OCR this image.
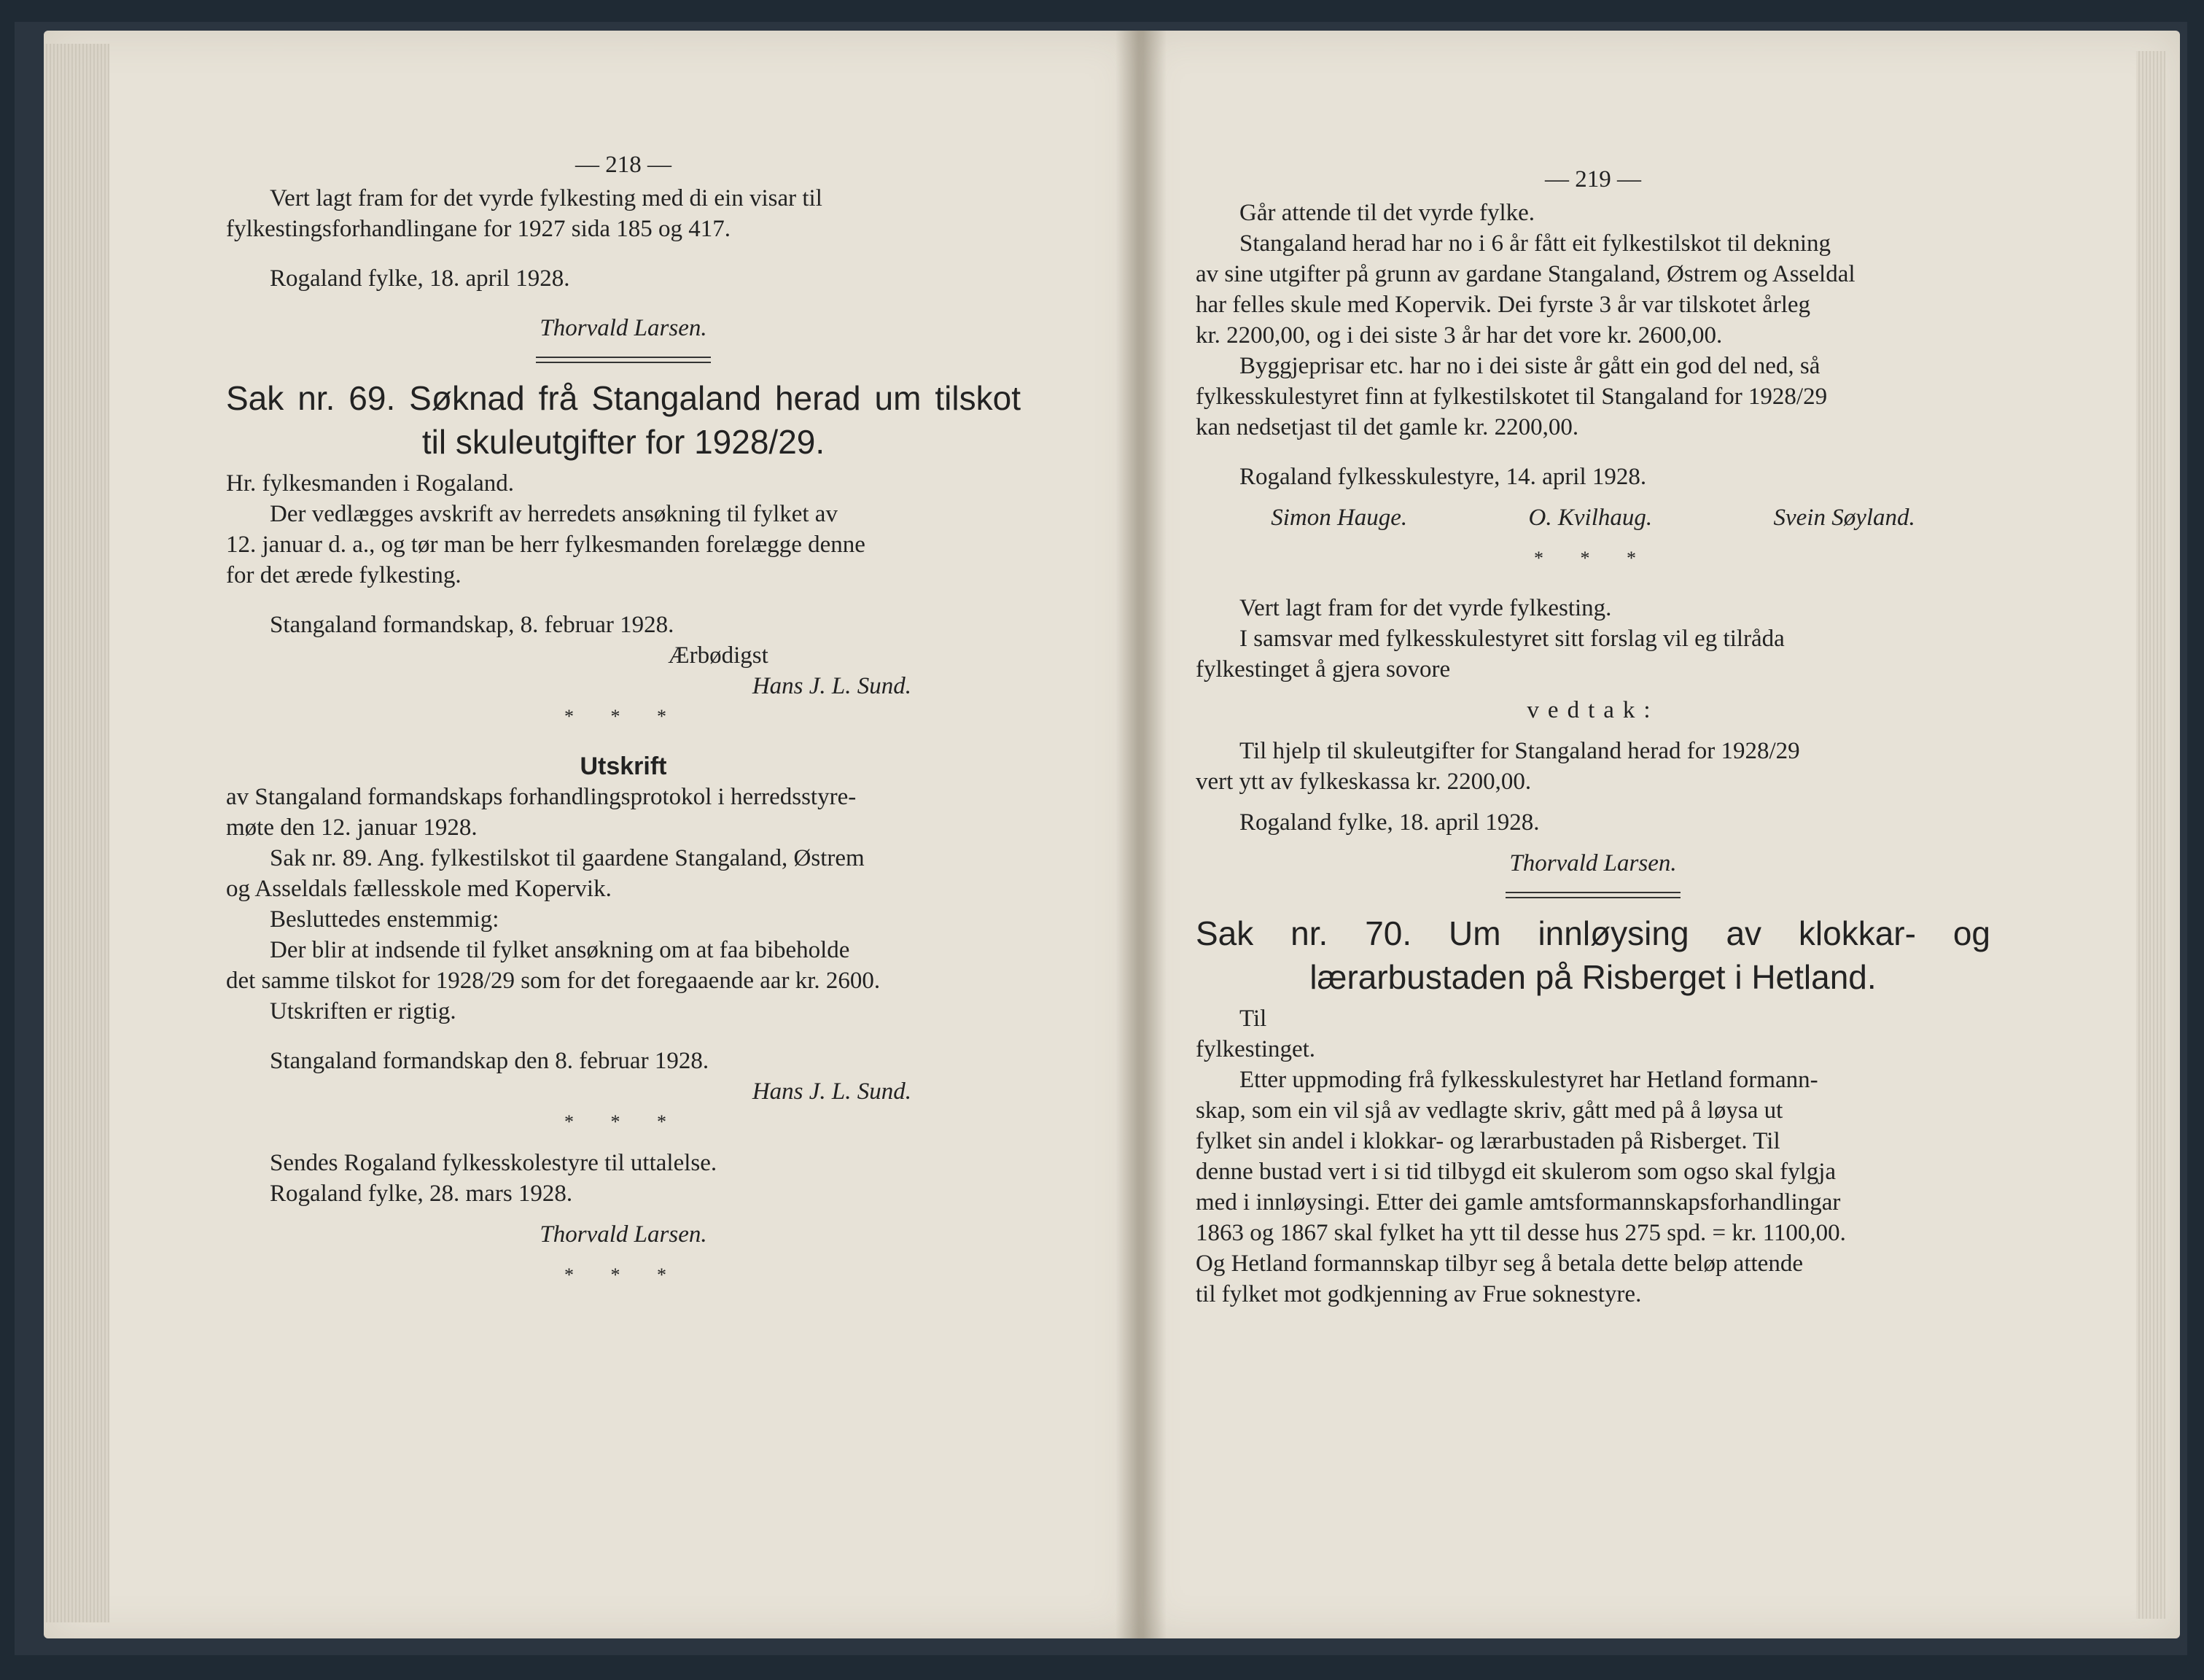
— 218 —

Vert lagt fram for det vyrde fylkesting med di ein visar til

fylkestingsforhandlingane for 1927 sida 185 og 417.

Rogaland fylke, 18. april 1928.

Thorvald Larsen.

Sak nr. 69. Søknad frå Stangaland herad um tilskot
til skuleutgifter for 1928/29.

Hr. fylkesmanden i Rogaland.

Der vedlægges avskrift av herredets ansøkning til fylket av

12. januar d. a., og tør man be herr fylkesmanden forelægge denne

for det ærede fylkesting.

Stangaland formandskap, 8. februar 1928.

Ærbødigst

Hans J. L. Sund.

* * *

Utskrift

av Stangaland formandskaps forhandlingsprotokol i herredsstyre-

møte den 12. januar 1928.

Sak nr. 89. Ang. fylkestilskot til gaardene Stangaland, Østrem

og Asseldals fællesskole med Kopervik.

Besluttedes enstemmig:

Der blir at indsende til fylket ansøkning om at faa bibeholde

det samme tilskot for 1928/29 som for det foregaaende aar kr. 2600.

Utskriften er rigtig.

Stangaland formandskap den 8. februar 1928.

Hans J. L. Sund.

* * *

Sendes Rogaland fylkesskolestyre til uttalelse.

Rogaland fylke, 28. mars 1928.

Thorvald Larsen.

* * *

— 219 —

Går attende til det vyrde fylke.

Stangaland herad har no i 6 år fått eit fylkestilskot til dekning

av sine utgifter på grunn av gardane Stangaland, Østrem og Asseldal

har felles skule med Kopervik. Dei fyrste 3 år var tilskotet årleg

kr. 2200,00, og i dei siste 3 år har det vore kr. 2600,00.

Byggjeprisar etc. har no i dei siste år gått ein god del ned, så

fylkesskulestyret finn at fylkestilskotet til Stangaland for 1928/29

kan nedsetjast til det gamle kr. 2200,00.

Rogaland fylkesskulestyre, 14. april 1928.

Simon Hauge.	O. Kvilhaug.	Svein Søyland.

* * *

Vert lagt fram for det vyrde fylkesting.

I samsvar med fylkesskulestyret sitt forslag vil eg tilråda

fylkestinget å gjera sovore

vedtak:

Til hjelp til skuleutgifter for Stangaland herad for 1928/29

vert ytt av fylkeskassa kr. 2200,00.

Rogaland fylke, 18. april 1928.

Thorvald Larsen.

Sak nr. 70. Um innløysing av klokkar- og
lærarbustaden på Risberget i Hetland.

Til

fylkestinget.

Etter uppmoding frå fylkesskulestyret har Hetland formann-

skap, som ein vil sjå av vedlagte skriv, gått med på å løysa ut

fylket sin andel i klokkar- og lærarbustaden på Risberget. Til

denne bustad vert i si tid tilbygd eit skulerom som ogso skal fylgja

med i innløysingi. Etter dei gamle amtsformannskapsforhandlingar

1863 og 1867 skal fylket ha ytt til desse hus 275 spd. = kr. 1100,00.

Og Hetland formannskap tilbyr seg å betala dette beløp attende

til fylket mot godkjenning av Frue soknestyre.
